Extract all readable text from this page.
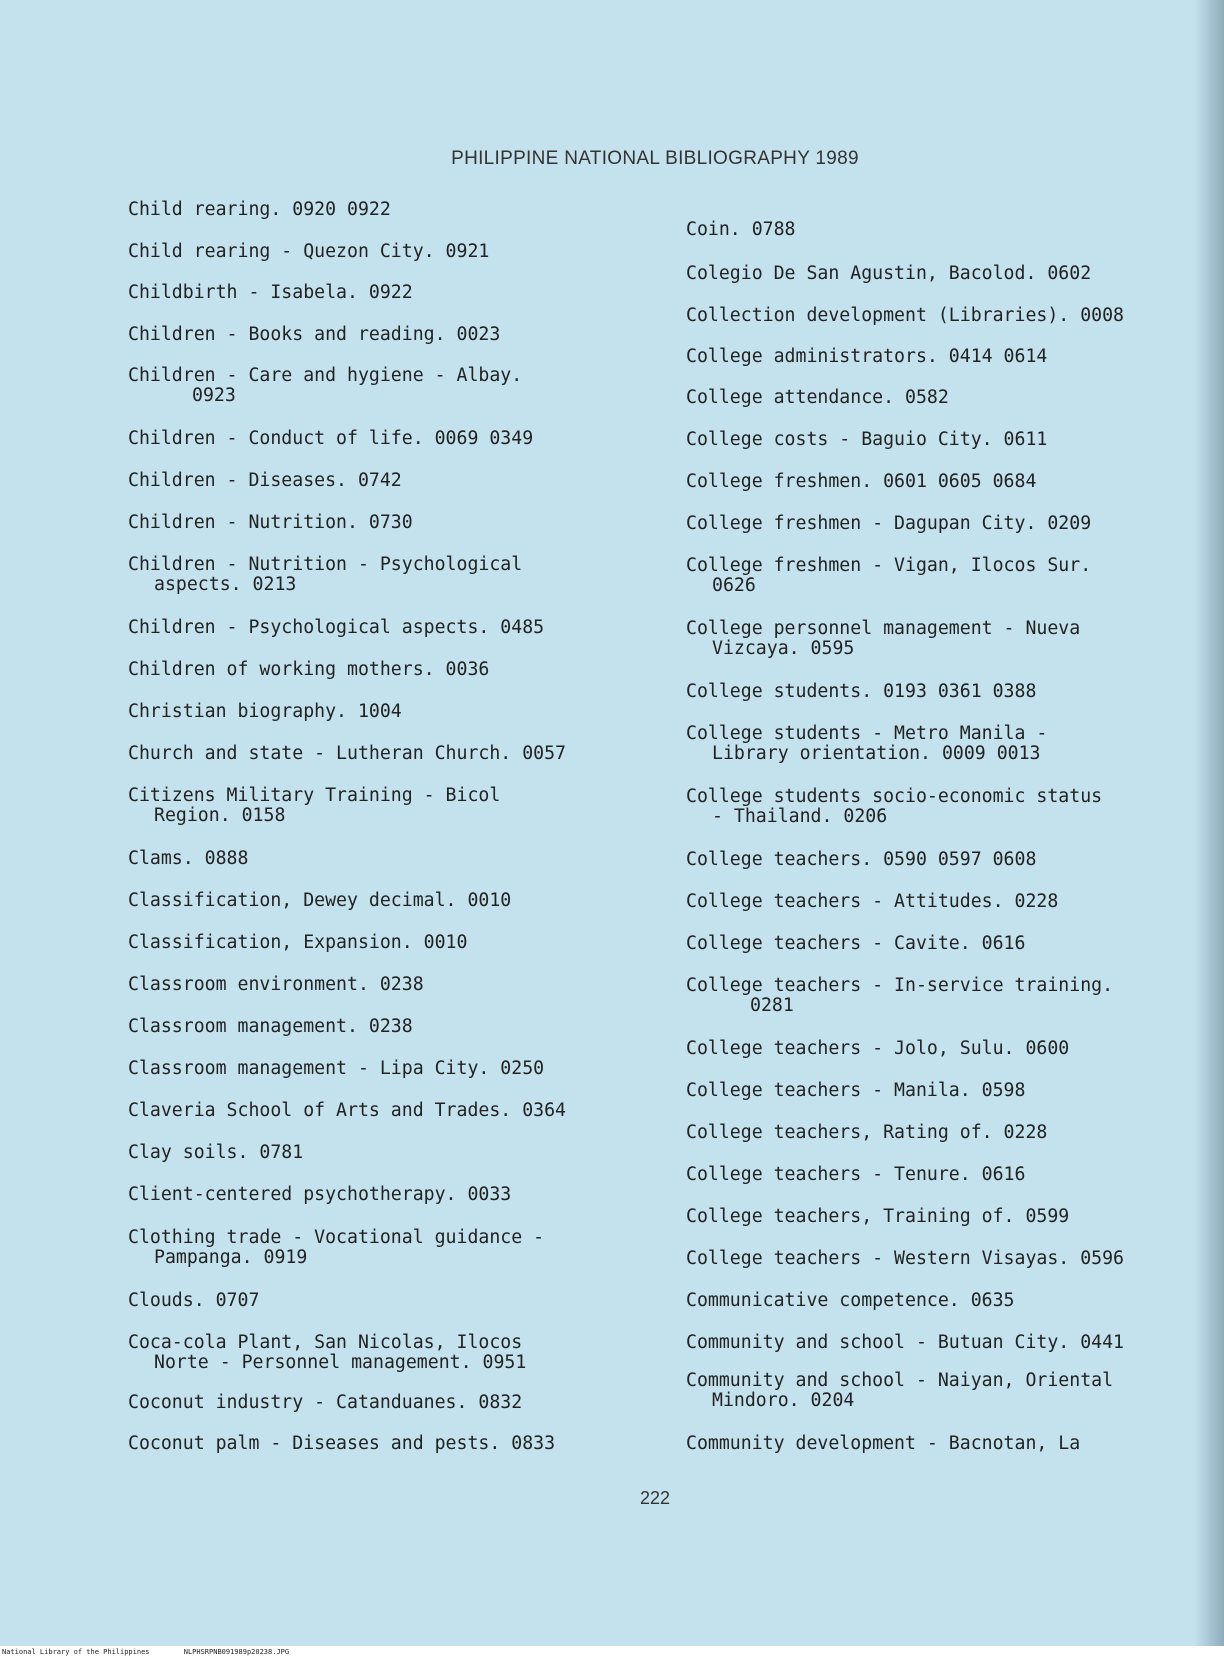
PHILIPPINE NATIONAL BIBLIOGRAPHY 1989
Child rearing. 0920 0922
Child rearing - Quezon City. 0921
Childbirth - Isabela. 0922
Children - Books and reading. 0023
Children - Care and hygiene - Albay.
0923
Children - Conduct of life. 0069 0349
Children - Diseases. 0742
Children - Nutrition. 0730
Children - Nutrition - Psychological
aspects. 0213
Children - Psychological aspects. 0485
Children of working mothers. 0036
Christian biography. 1004
Church and state - Lutheran Church. 0057
Citizens Military Training - Bicol
Region. 0158
Clams. 0888
Classification, Dewey decimal. 0010
Classification, Expansion. 0010
Classroom environment. 0238
Classroom management. 0238
Classroom management - Lipa City. 0250
Claveria School of Arts and Trades. 0364
Clay soils. 0781
Client-centered psychotherapy. 0033
Clothing trade - Vocational guidance -
Pampanga. 0919
Clouds. 0707
Coca-cola Plant, San Nicolas, Ilocos
Norte - Personnel management. 0951
Coconut industry - Catanduanes. 0832
Coconut palm - Diseases and pests. 0833
Coin. 0788
Colegio De San Agustin, Bacolod. 0602
Collection development (Libraries). 0008
College administrators. 0414 0614
College attendance. 0582
College costs - Baguio City. 0611
College freshmen. 0601 0605 0684
College freshmen - Dagupan City. 0209
College freshmen - Vigan, Ilocos Sur.
0626
College personnel management - Nueva
Vizcaya. 0595
College students. 0193 0361 0388
College students - Metro Manila -
Library orientation. 0009 0013
College students socio-economic status
- Thailand. 0206
College teachers. 0590 0597 0608
College teachers - Attitudes. 0228
College teachers - Cavite. 0616
College teachers - In-service training.
0281
College teachers - Jolo, Sulu. 0600
College teachers - Manila. 0598
College teachers, Rating of. 0228
College teachers - Tenure. 0616
College teachers, Training of. 0599
College teachers - Western Visayas. 0596
Communicative competence. 0635
Community and school - Butuan City. 0441
Community and school - Naiyan, Oriental
Mindoro. 0204
Community development - Bacnotan, La
222
National Library of the Philippines	NLPHSRPNB091989p20238.JPG
